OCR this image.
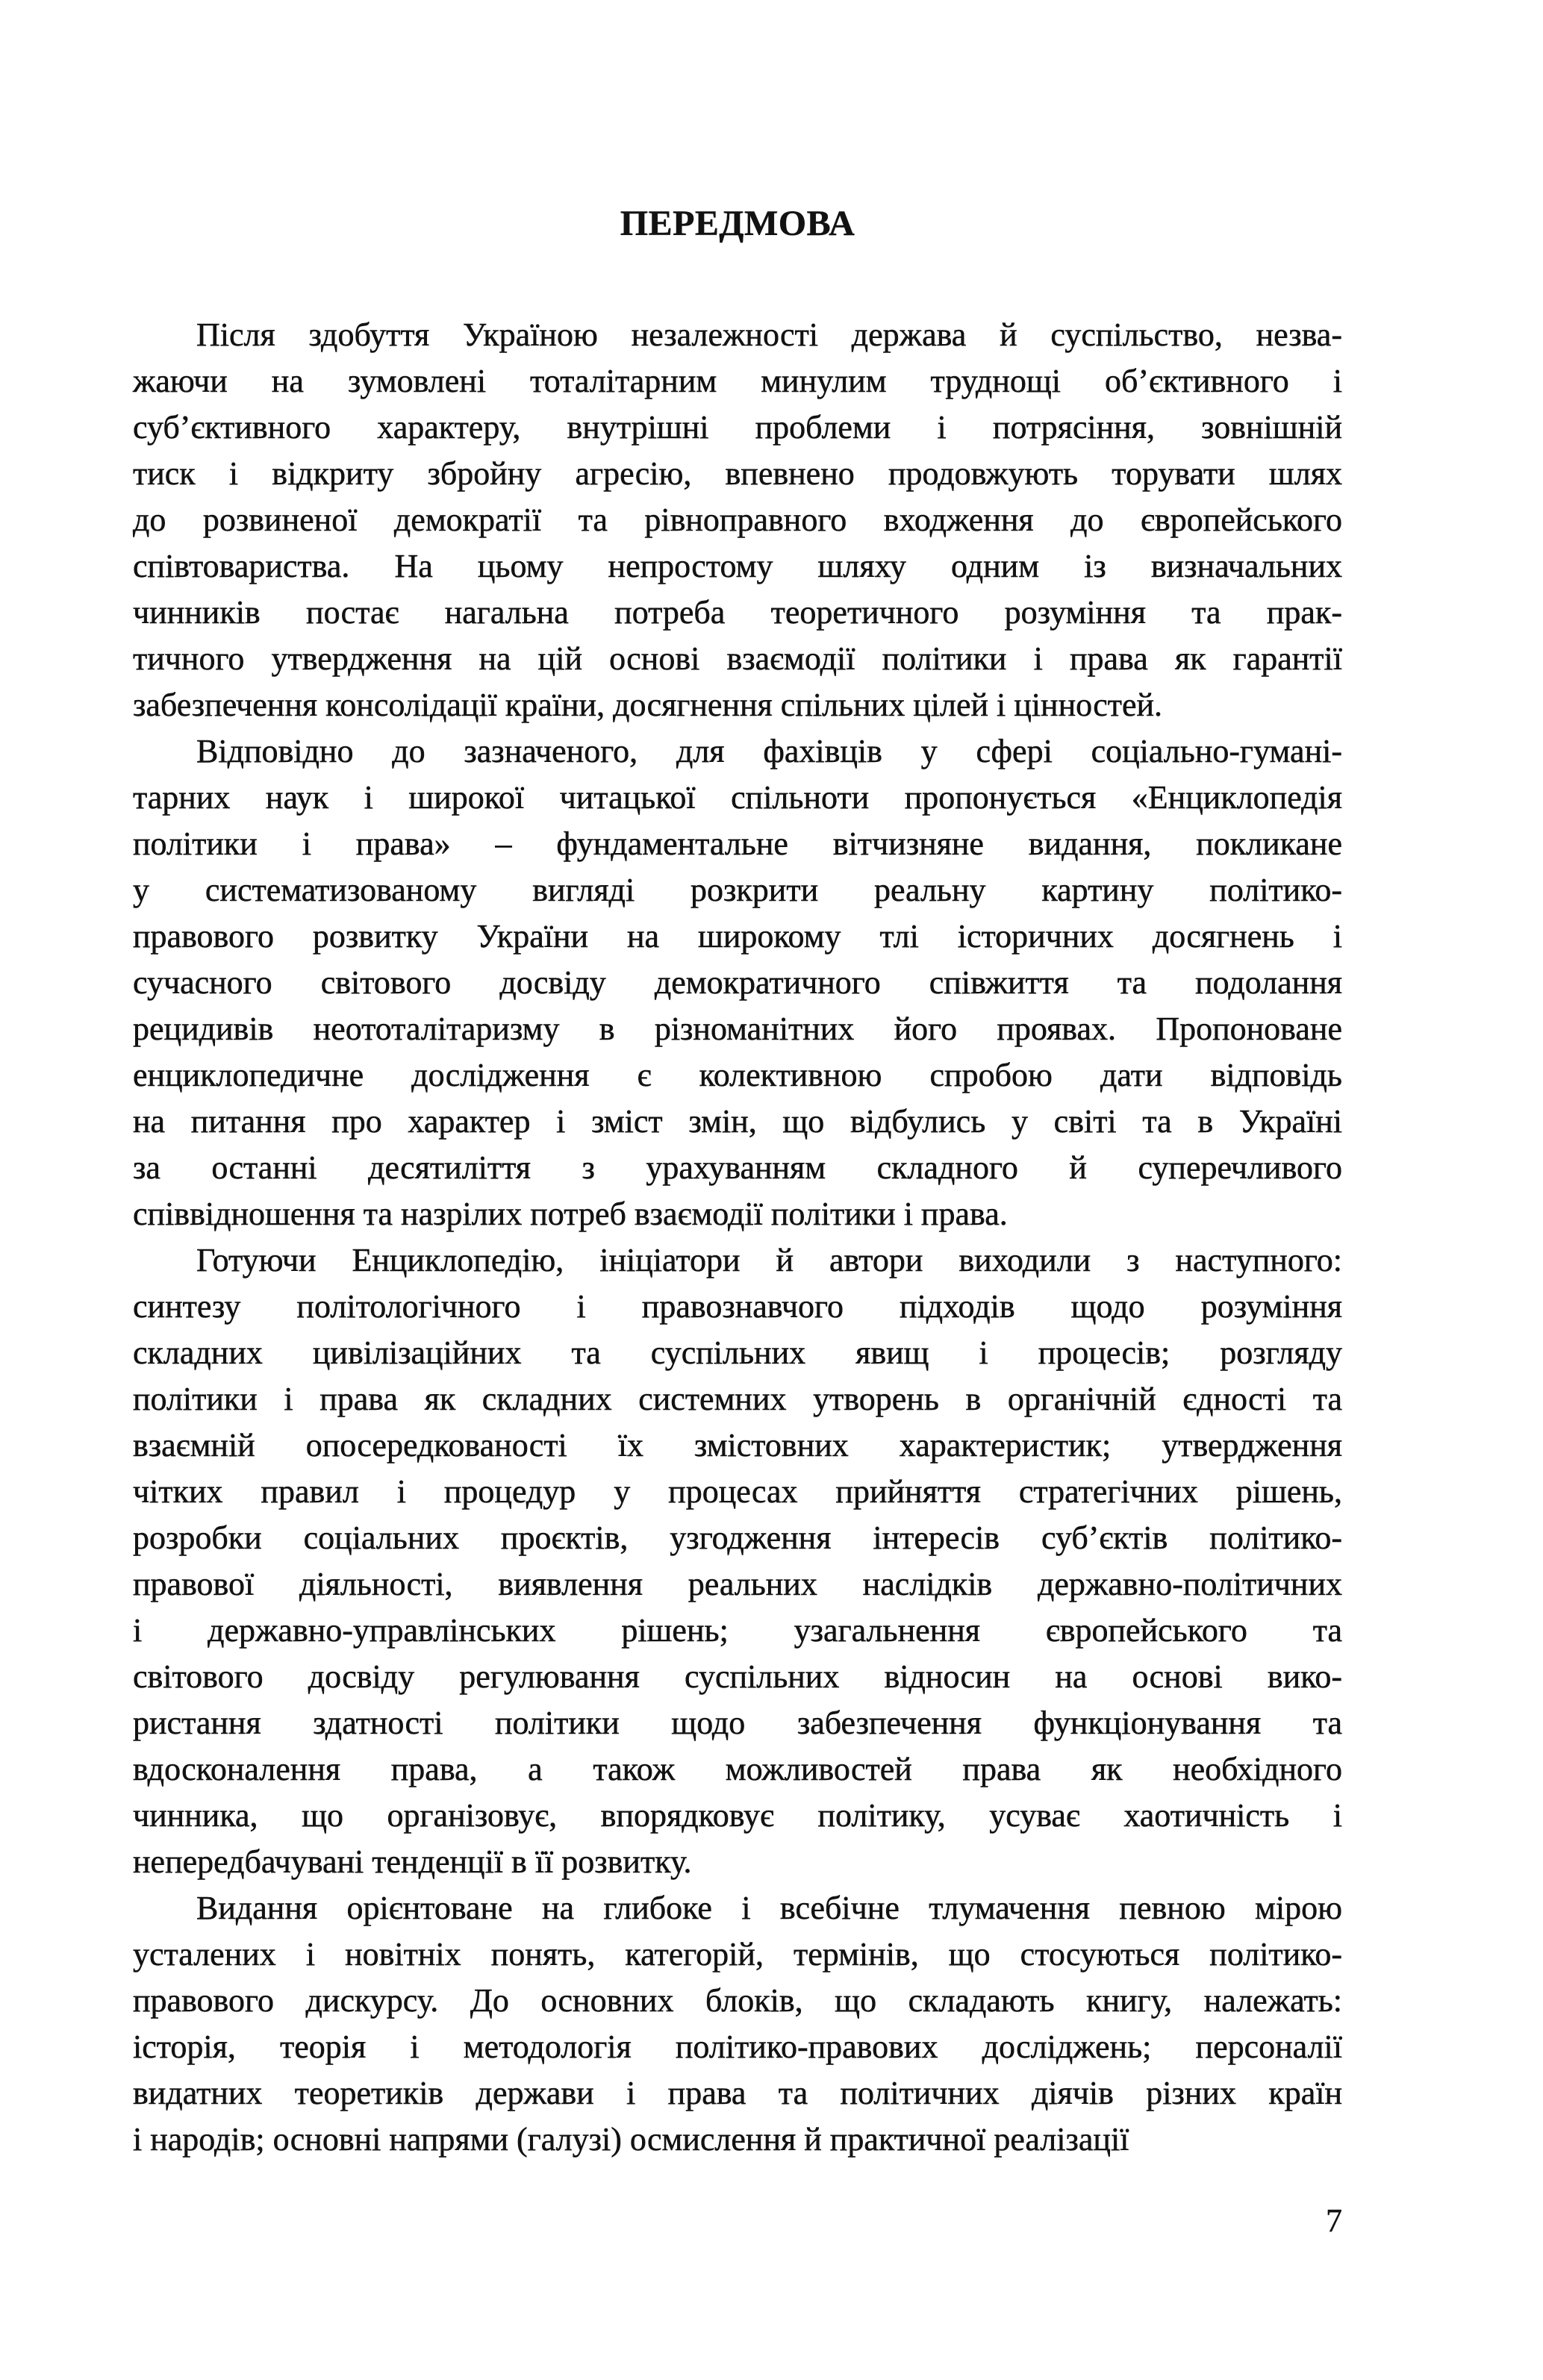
ПЕРЕДМОВА
Після здобуття Україною незалежності держава й суспільство, незва-
жаючи на зумовлені тоталітарним минулим труднощі об’єктивного і
суб’єктивного характеру, внутрішні проблеми і потрясіння, зовнішній
тиск і відкриту збройну агресію, впевнено продовжують торувати шлях
до розвиненої демократії та рівноправного входження до європейського
співтовариства. На цьому непростому шляху одним із визначальних
чинників постає нагальна потреба теоретичного розуміння та прак-
тичного утвердження на цій основі взаємодії політики і права як гарантії
забезпечення консолідації країни, досягнення спільних цілей і цінностей.
Відповідно до зазначеного, для фахівців у сфері соціально-гумані-
тарних наук і широкої читацької спільноти пропонується «Енциклопедія
політики і права» – фундаментальне вітчизняне видання, покликане
у систематизованому вигляді розкрити реальну картину політико-
правового розвитку України на широкому тлі історичних досягнень і
сучасного світового досвіду демократичного співжиття та подолання
рецидивів неототалітаризму в різноманітних його проявах. Пропоноване
енциклопедичне дослідження є колективною спробою дати відповідь
на питання про характер і зміст змін, що відбулись у світі та в Україні
за останні десятиліття з урахуванням складного й суперечливого
співвідношення та назрілих потреб взаємодії політики і права.
Готуючи Енциклопедію, ініціатори й автори виходили з наступного:
синтезу політологічного і правознавчого підходів щодо розуміння
складних цивілізаційних та суспільних явищ і процесів; розгляду
політики і права як складних системних утворень в органічній єдності та
взаємній опосередкованості їх змістовних характеристик; утвердження
чітких правил і процедур у процесах прийняття стратегічних рішень,
розробки соціальних проєктів, узгодження інтересів суб’єктів політико-
правової діяльності, виявлення реальних наслідків державно-політичних
і державно-управлінських рішень; узагальнення європейського та
світового досвіду регулювання суспільних відносин на основі вико-
ристання здатності політики щодо забезпечення функціонування та
вдосконалення права, а також можливостей права як необхідного
чинника, що організовує, впорядковує політику, усуває хаотичність і
непередбачувані тенденції в її розвитку.
Видання орієнтоване на глибоке і всебічне тлумачення певною мірою
усталених і новітніх понять, категорій, термінів, що стосуються політико-
правового дискурсу. До основних блоків, що складають книгу, належать:
історія, теорія і методологія політико-правових досліджень; персоналії
видатних теоретиків держави і права та політичних діячів різних країн
і народів; основні напрями (галузі) осмислення й практичної реалізації
7
